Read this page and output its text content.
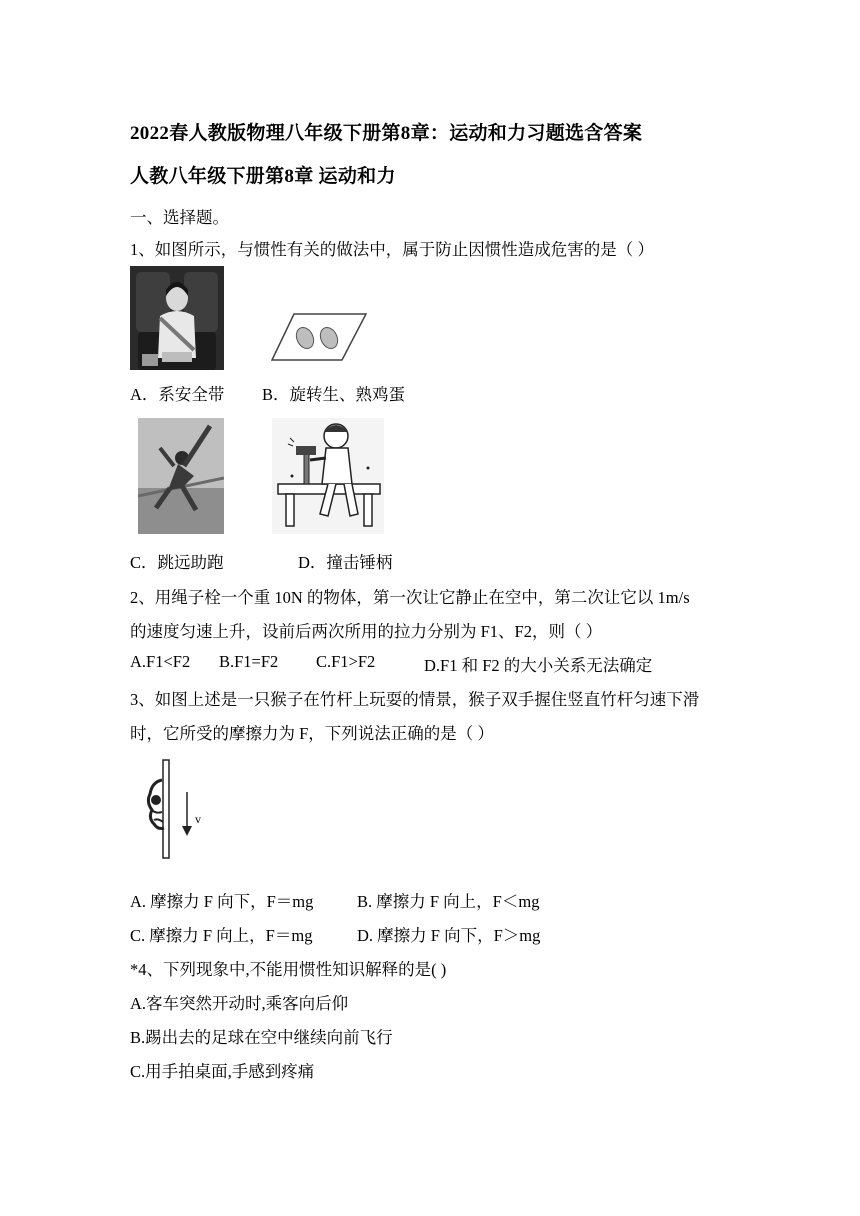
2022春人教版物理八年级下册第8章：运动和力习题选含答案
人教八年级下册第8章 运动和力
一、选择题。
1、如图所示，与惯性有关的做法中，属于防止因惯性造成危害的是（ ）
A．系安全带 B．旋转生、熟鸡蛋
C．跳远助跑	D．撞击锤柄
2、用绳子栓一个重 10N 的物体，第一次让它静止在空中，第二次让它以 1m/s
的速度匀速上升，设前后两次所用的拉力分别为 F1、F2，则（ ）
A.F1<F2 B.F1=F2 C.F1>F2	D.F1 和 F2 的大小关系无法确定
3、如图上述是一只猴子在竹杆上玩耍的情景，猴子双手握住竖直竹杆匀速下滑
时，它所受的摩擦力为 F，下列说法正确的是（ ）
v
A. 摩擦力 F 向下，F＝mg	B. 摩擦力 F 向上，F＜mg
C. 摩擦力 F 向上，F＝mg	D. 摩擦力 F 向下，F＞mg
*4、下列现象中,不能用惯性知识解释的是( )
A.客车突然开动时,乘客向后仰
B.踢出去的足球在空中继续向前飞行
C.用手拍桌面,手感到疼痛
